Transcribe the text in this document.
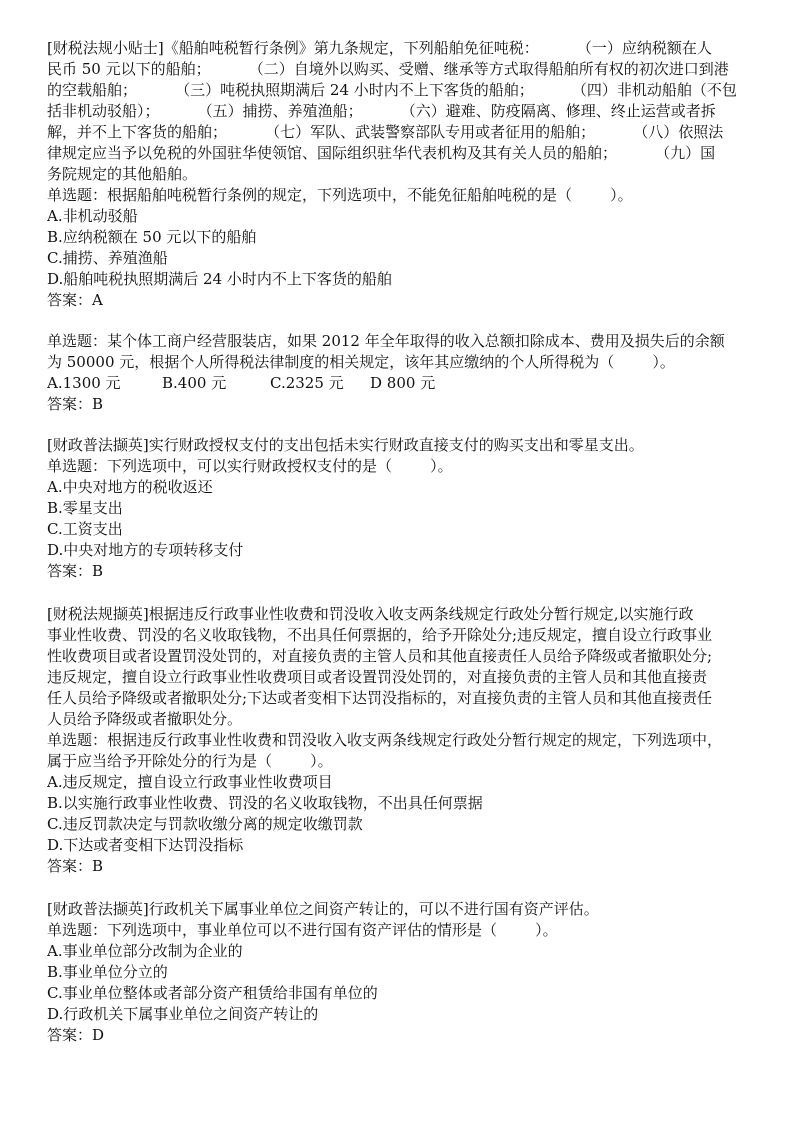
[财税法规小贴士]《船舶吨税暂行条例》第九条规定，下列船舶免征吨税：        （一）应纳税额在人
民币 50 元以下的船舶；        （二）自境外以购买、受赠、继承等方式取得船舶所有权的初次进口到港
的空载船舶；        （三）吨税执照期满后 24 小时内不上下客货的船舶；        （四）非机动船舶（不包
括非机动驳船）；        （五）捕捞、养殖渔船；        （六）避难、防疫隔离、修理、终止运营或者拆
解，并不上下客货的船舶；        （七）军队、武装警察部队专用或者征用的船舶；        （八）依照法
律规定应当予以免税的外国驻华使领馆、国际组织驻华代表机构及其有关人员的船舶；        （九）国
务院规定的其他船舶。
单选题：根据船舶吨税暂行条例的规定，下列选项中，不能免征船舶吨税的是（        ）。
A.非机动驳船
B.应纳税额在 50 元以下的船舶
C.捕捞、养殖渔船
D.船舶吨税执照期满后 24 小时内不上下客货的船舶
答案：A
单选题：某个体工商户经营服装店，如果 2012 年全年取得的收入总额扣除成本、费用及损失后的余额
为 50000 元，根据个人所得税法律制度的相关规定，该年其应缴纳的个人所得税为（        ）。
A.1300 元	B.400 元	C.2325 元	D 800 元
答案：B
[财政普法撷英]实行财政授权支付的支出包括未实行财政直接支付的购买支出和零星支出。
单选题：下列选项中，可以实行财政授权支付的是（        ）。
A.中央对地方的税收返还
B.零星支出
C.工资支出
D.中央对地方的专项转移支付
答案：B
[财税法规撷英]根据违反行政事业性收费和罚没收入收支两条线规定行政处分暂行规定,以实施行政
事业性收费、罚没的名义收取钱物，不出具任何票据的，给予开除处分;违反规定，擅自设立行政事业
性收费项目或者设置罚没处罚的，对直接负责的主管人员和其他直接责任人员给予降级或者撤职处分;
违反规定，擅自设立行政事业性收费项目或者设置罚没处罚的，对直接负责的主管人员和其他直接责
任人员给予降级或者撤职处分;下达或者变相下达罚没指标的，对直接负责的主管人员和其他直接责任
人员给予降级或者撤职处分。
单选题：根据违反行政事业性收费和罚没收入收支两条线规定行政处分暂行规定的规定，下列选项中，
属于应当给予开除处分的行为是（        ）。
A.违反规定，擅自设立行政事业性收费项目
B.以实施行政事业性收费、罚没的名义收取钱物，不出具任何票据
C.违反罚款决定与罚款收缴分离的规定收缴罚款
D.下达或者变相下达罚没指标
答案：B
[财政普法撷英]行政机关下属事业单位之间资产转让的，可以不进行国有资产评估。
单选题：下列选项中，事业单位可以不进行国有资产评估的情形是（        ）。
A.事业单位部分改制为企业的
B.事业单位分立的
C.事业单位整体或者部分资产租赁给非国有单位的
D.行政机关下属事业单位之间资产转让的
答案：D
